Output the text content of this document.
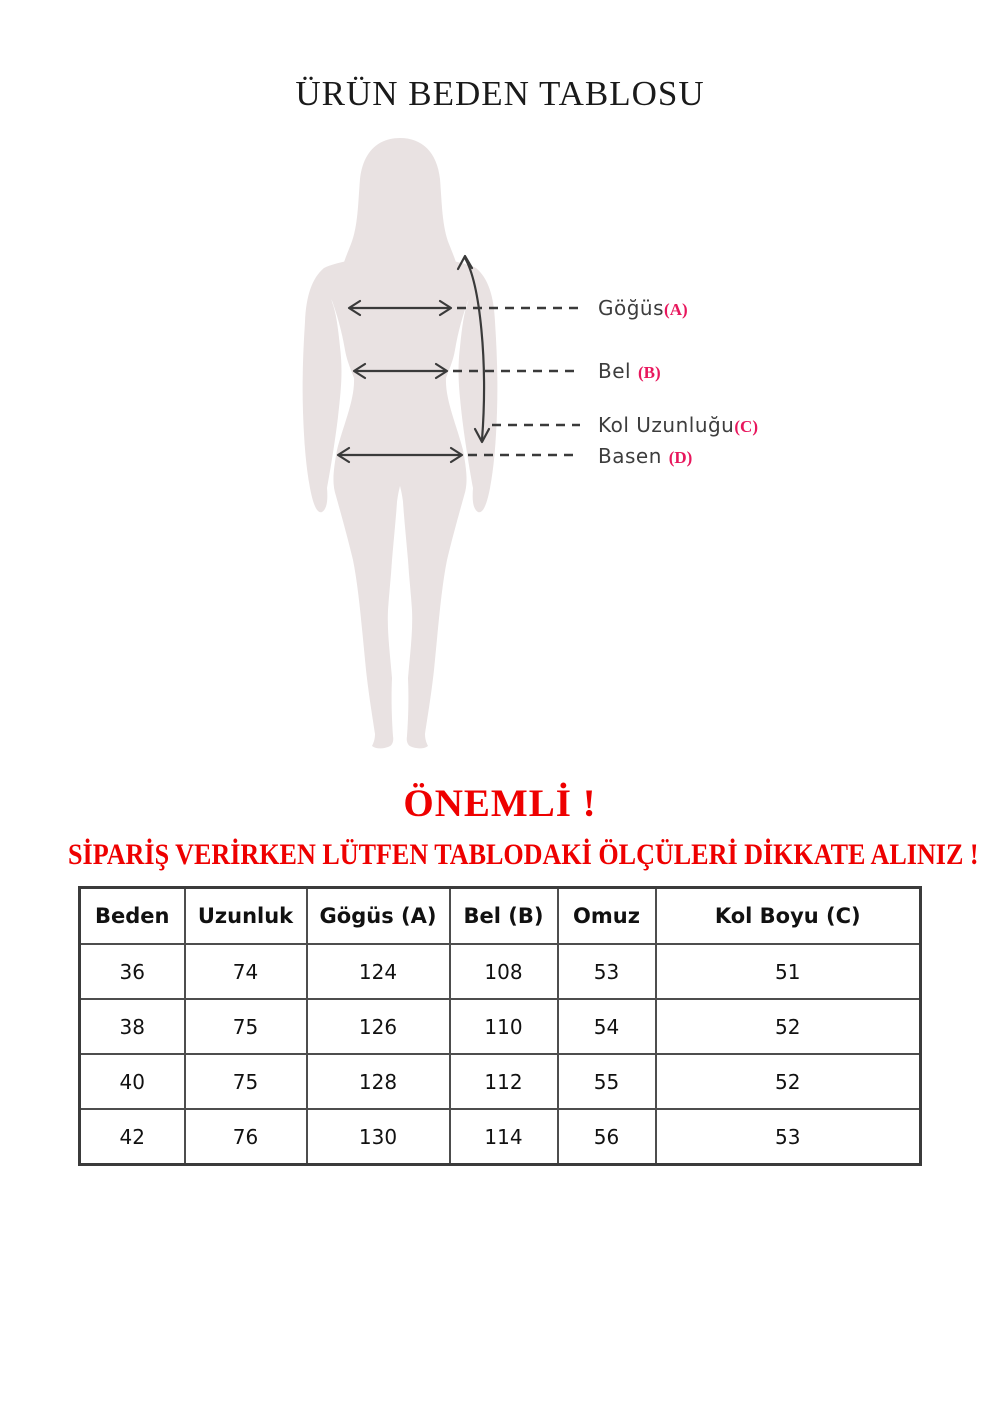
ÜRÜN BEDEN TABLOSU
Göğüs(A)
Bel (B)
Kol Uzunluğu(C)
Basen (D)
ÖNEMLİ !
SİPARİŞ VERİRKEN LÜTFEN TABLODAKİ ÖLÇÜLERİ DİKKATE ALINIZ !
Beden	Uzunluk	Gögüs (A)	Bel (B)	Omuz	Kol Boyu (C)
36	74	124	108	53	51
38	75	126	110	54	52
40	75	128	112	55	52
42	76	130	114	56	53
